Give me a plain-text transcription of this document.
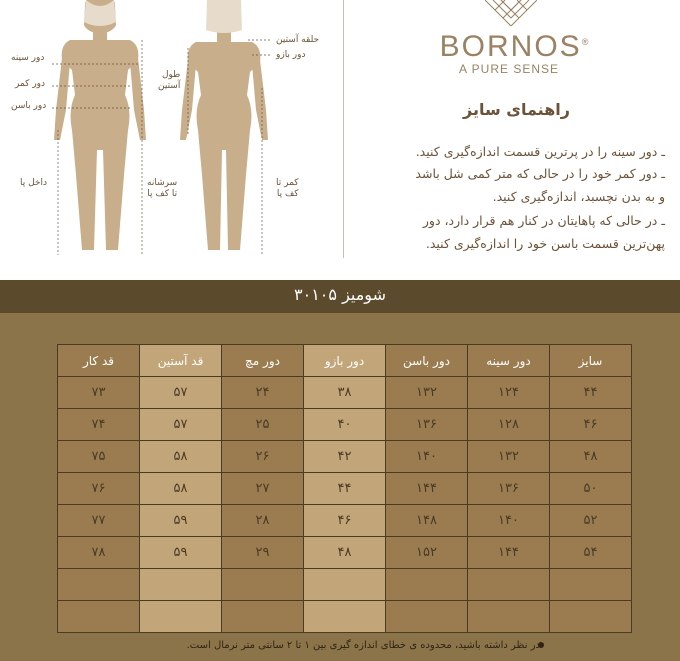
دور سینه
دور کمر
دور باسن
داخل پا	سرشانه
تا کف پا
حلقه آستین
دور بازو
طول
آستین
کمر تا
کف پا
BORNOS®
A PURE SENSE
راهنمای سایز
ـ دور سینه را در پرترین قسمت اندازه‌گیری کنید.
ـ دور کمر خود را در حالی که متر کمی شل باشد
و به بدن نچسبد، اندازه‌گیری کنید.
ـ در حالی که پاهایتان در کنار هم قرار دارد، دور
پهن‌ترین قسمت باسن خود را اندازه‌گیری کنید.
شومیز ۳۰۱۰۵
سایز	دور سینه	دور باسن	دور بازو	دور مچ	قد آستین	قد کار
۴۴	۱۲۴	۱۳۲	۳۸	۲۴	۵۷	۷۳
۴۶	۱۲۸	۱۳۶	۴۰	۲۵	۵۷	۷۴
۴۸	۱۳۲	۱۴۰	۴۲	۲۶	۵۸	۷۵
۵۰	۱۳۶	۱۴۴	۴۴	۲۷	۵۸	۷۶
۵۲	۱۴۰	۱۴۸	۴۶	۲۸	۵۹	۷۷
۵۴	۱۴۴	۱۵۲	۴۸	۲۹	۵۹	۷۸

در نظر داشته باشید، محدوده ی خطای اندازه گیری بین ۱ تا ۲ سانتی متر نرمال است.
